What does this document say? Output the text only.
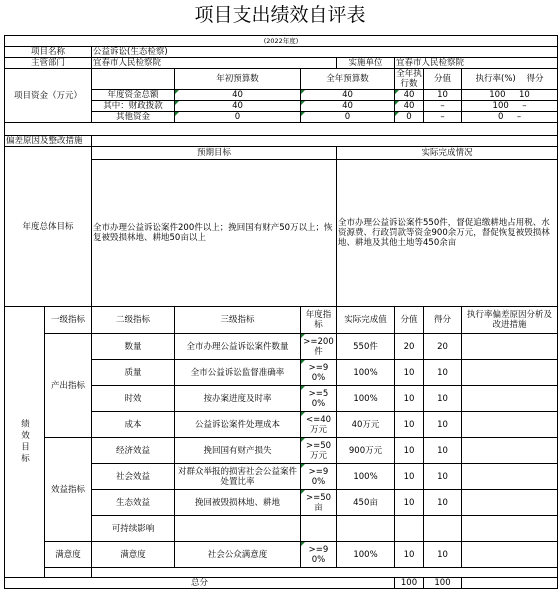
项目支出绩效自评表
(2022年度)								
项目名称		公益诉讼(生态检察)						
主管部门		宜春市人民检察院			实施单位	宜春市人民检察院		
项目资金（万元）			年初预算数	全年预算数		全年执行数	分值	执行率(%) 得分
		年度资金总额	40	40		40	10	100 10
		其中：财政拨款	40	40		40	–	100 –
		其他资金	0	0		0	–	0 –

偏差原因及整改措施								
年度总体目标		预期目标			实际完成情况			
		全市办理公益诉讼案件200件以上；挽回国有财产50万以上；恢复被毁损林地、耕地50亩以上			全市办理公益诉讼案件550件，督促追缴耕地占用税、水资源费、行政罚款等资金900余万元，督促恢复被毁损林地、耕地及其他土地等450余亩			
绩效目标	一级指标	二级指标	三级指标	年度指标	实际完成值	分值	得分	执行率偏差原因分析及改进措施
	产出指标	数量	全市办理公益诉讼案件数量	>=200件	550件	20	20	
		质量	全市公益诉讼监督准确率	>=90%	100%	10	10	
		时效	按办案进度及时率	>=50%	100%	10	10	
		成本	公益诉讼案件处理成本	<=40万元	40万元	10	10	
	效益指标	经济效益	挽回国有财产损失	>=50万元	900万元	10	10	
		社会效益	对群众举报的损害社会公益案件处置比率	>=90%	100%	10	10	
		生态效益	挽回被毁损林地、耕地	>=50亩	450亩	10	10	
		可持续影响						
	满意度	满意度	社会公众满意度	>=90%	100%	10	10	

总分						100	100	
